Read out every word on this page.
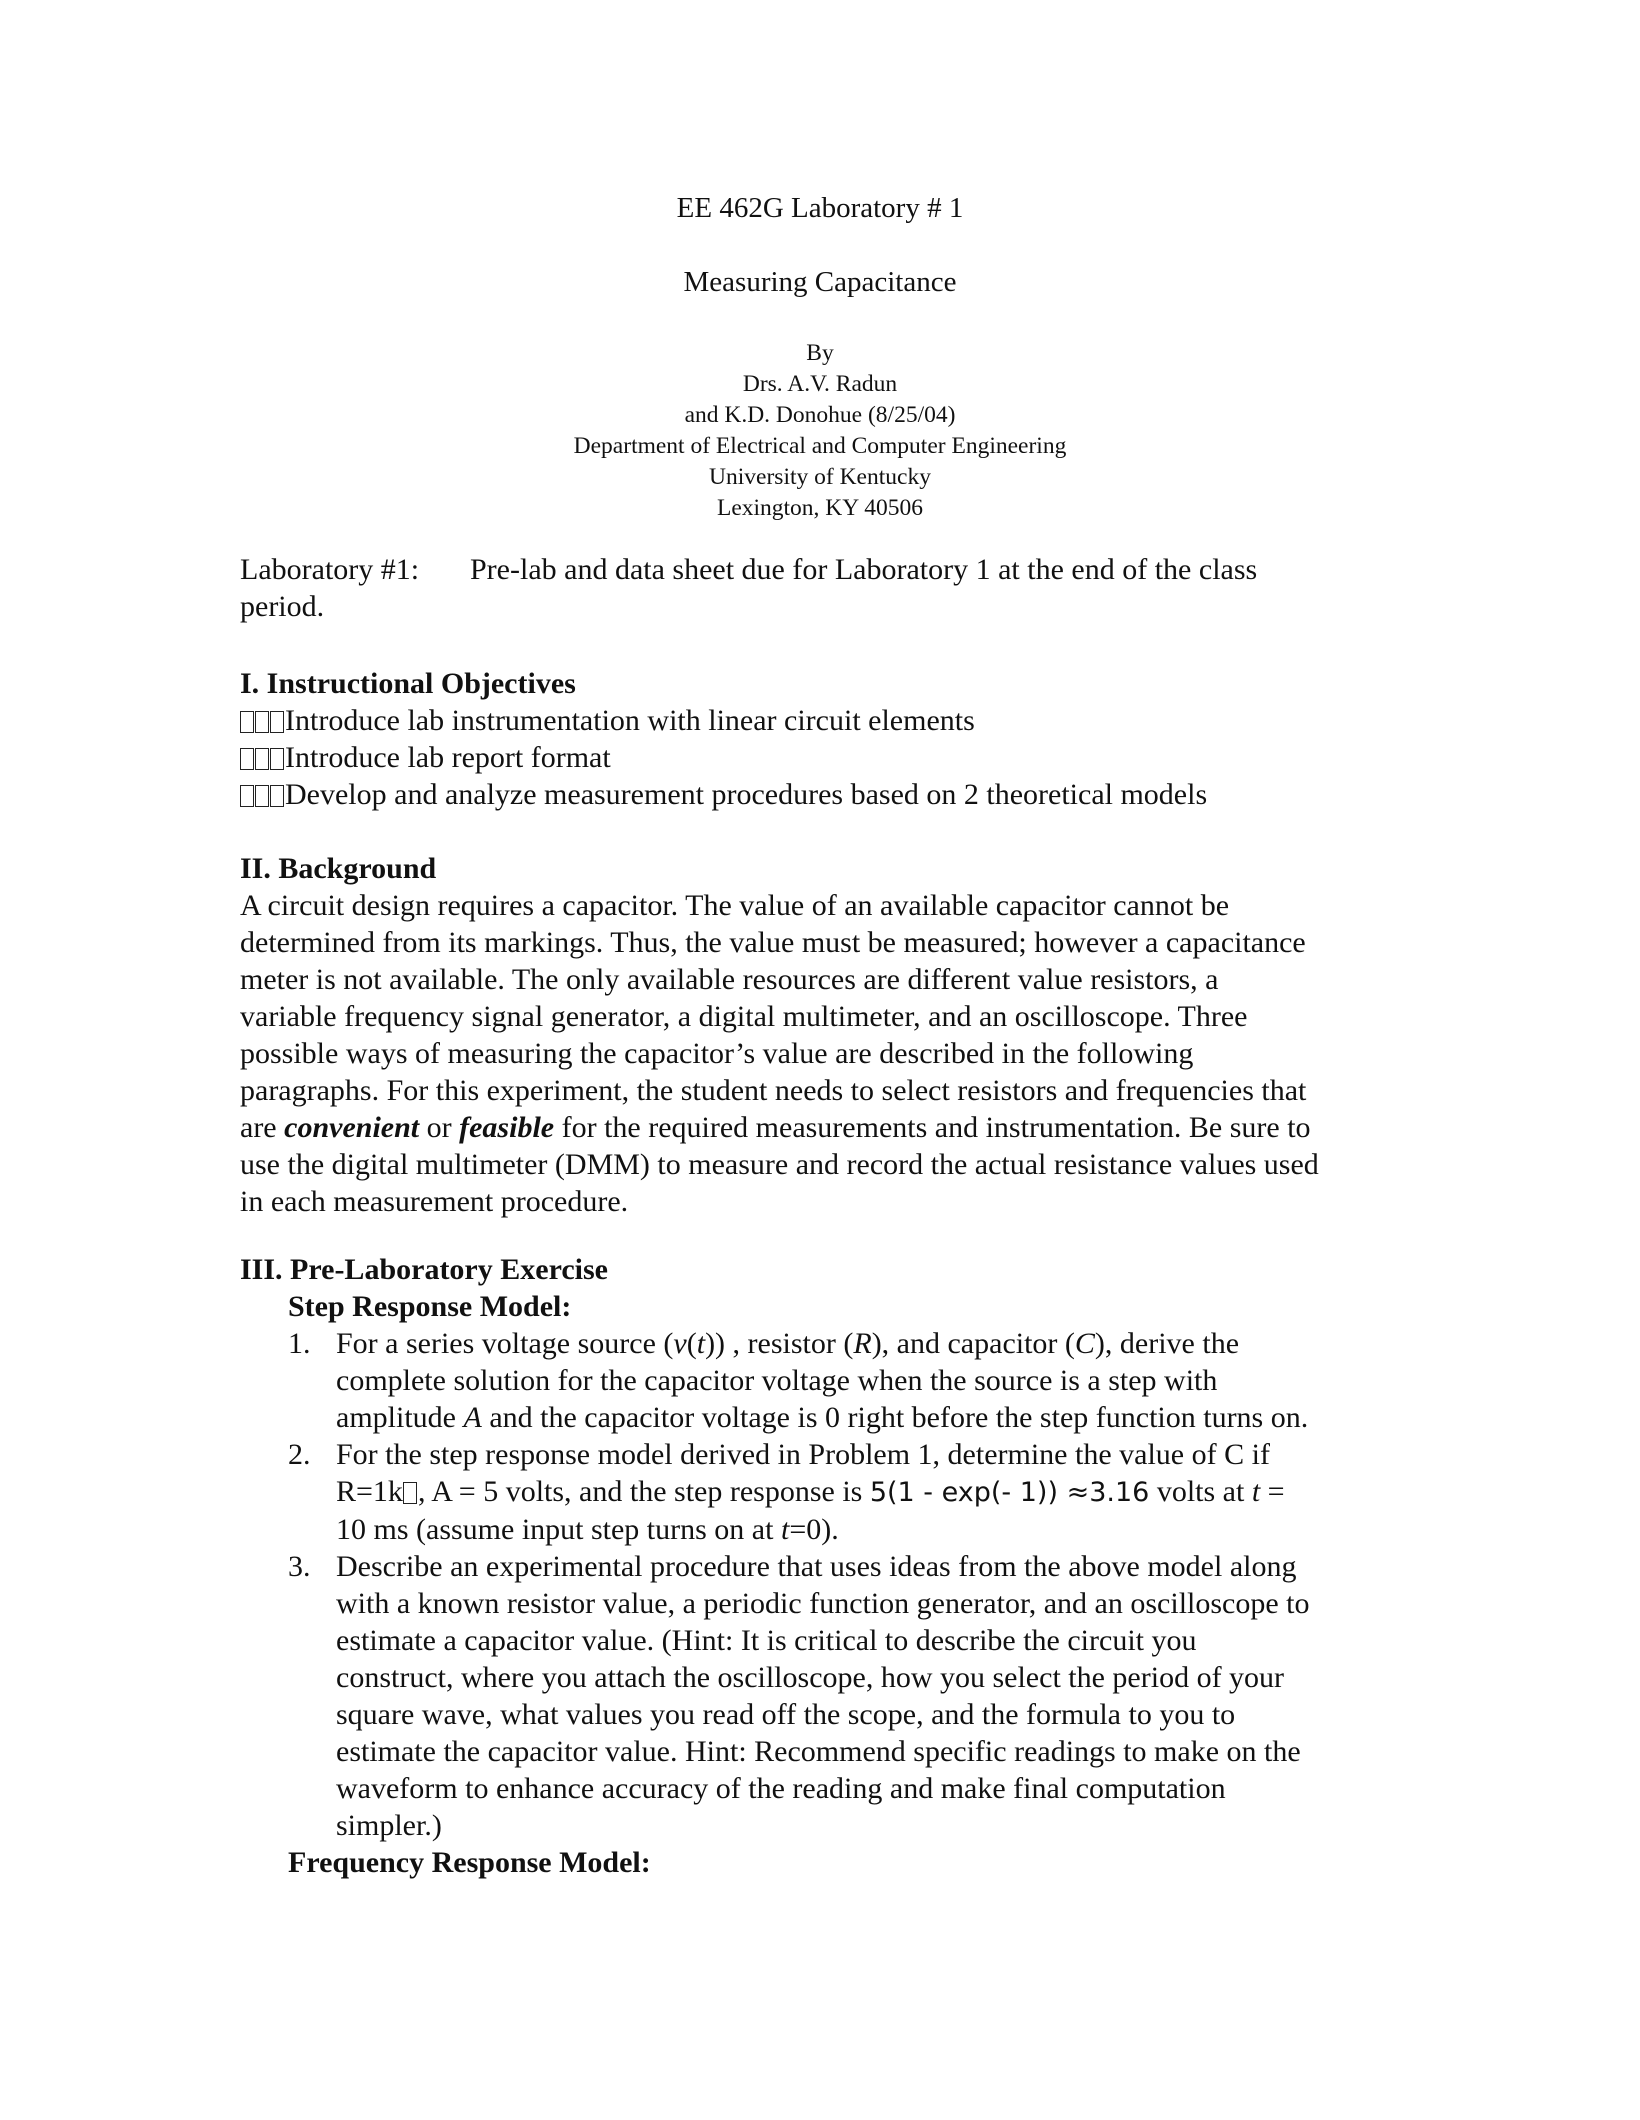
EE 462G Laboratory # 1
Measuring Capacitance
By
Drs. A.V. Radun
and K.D. Donohue (8/25/04)
Department of Electrical and Computer Engineering
University of Kentucky
Lexington, KY 40506
Laboratory #1:	Pre-lab and data sheet due for Laboratory 1 at the end of the class
period.
I. Instructional Objectives
Introduce lab instrumentation with linear circuit elements
Introduce lab report format
Develop and analyze measurement procedures based on 2 theoretical models
II. Background
A circuit design requires a capacitor. The value of an available capacitor cannot be
determined from its markings. Thus, the value must be measured; however a capacitance
meter is not available. The only available resources are different value resistors, a
variable frequency signal generator, a digital multimeter, and an oscilloscope. Three
possible ways of measuring the capacitor’s value are described in the following
paragraphs. For this experiment, the student needs to select resistors and frequencies that
are convenient or feasible for the required measurements and instrumentation. Be sure to
use the digital multimeter (DMM) to measure and record the actual resistance values used
in each measurement procedure.
III. Pre-Laboratory Exercise
Step Response Model:
1. For a series voltage source (v(t)) , resistor (R), and capacitor (C), derive the
complete solution for the capacitor voltage when the source is a step with
amplitude A and the capacitor voltage is 0 right before the step function turns on.
2. For the step response model derived in Problem 1, determine the value of C if
R=1k , A = 5 volts, and the step response is 5(1 - exp(- 1)) ≈3.16 volts at t =
10 ms (assume input step turns on at t=0).
3. Describe an experimental procedure that uses ideas from the above model along
with a known resistor value, a periodic function generator, and an oscilloscope to
estimate a capacitor value. (Hint: It is critical to describe the circuit you
construct, where you attach the oscilloscope, how you select the period of your
square wave, what values you read off the scope, and the formula to you to
estimate the capacitor value. Hint: Recommend specific readings to make on the
waveform to enhance accuracy of the reading and make final computation
simpler.)
Frequency Response Model:
